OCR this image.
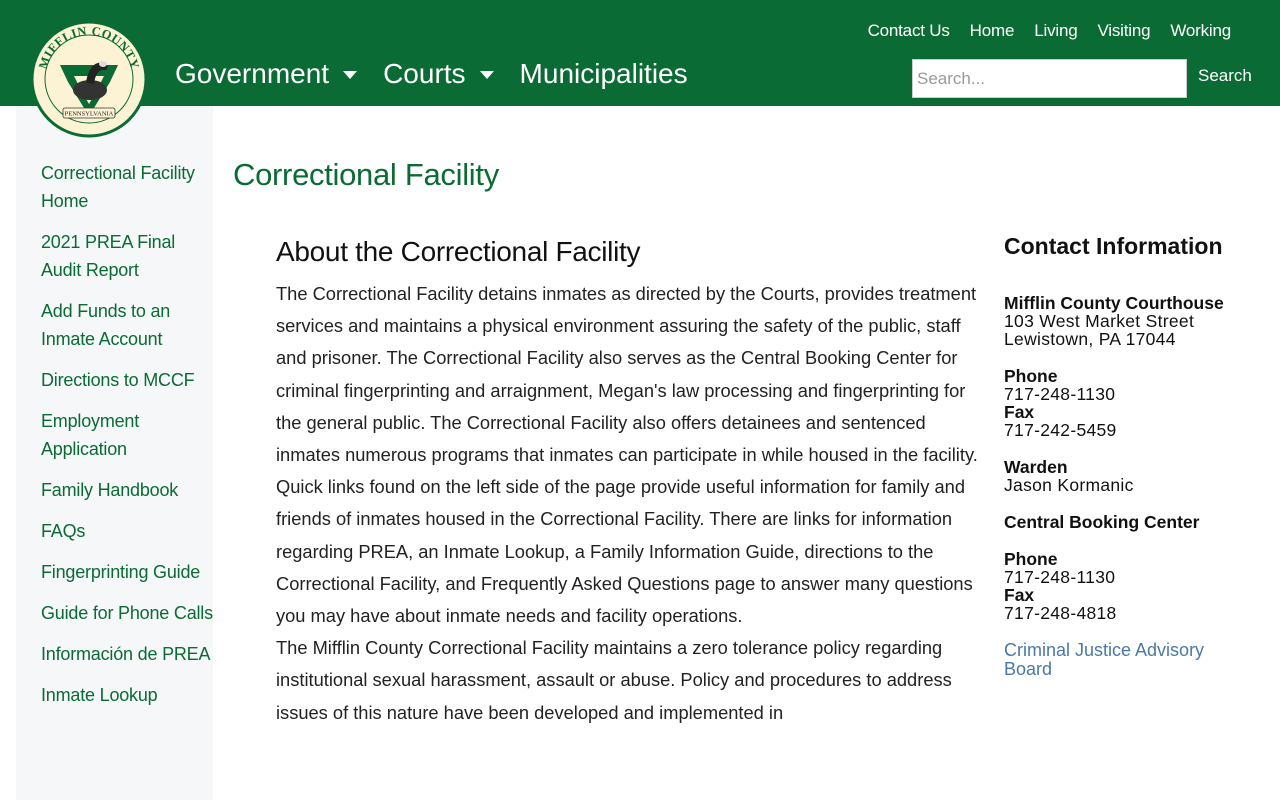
PENNSYLVANIA
MIFFLIN COUNTY
Contact Us Home Living Visiting Working
Government Courts Municipalities
Search...	Search
Correctional Facility Home
2021 PREA Final Audit Report
Add Funds to an Inmate Account
Directions to MCCF
Employment Application
Family Handbook
FAQs
Fingerprinting Guide
Guide for Phone Calls
Información de PREA
Inmate Lookup
Correctional Facility
About the Correctional Facility

The Correctional Facility detains inmates as directed by the Courts, provides treatment services and maintains a physical environment assuring the safety of the public, staff and prisoner. The Correctional Facility also serves as the Central Booking Center for criminal fingerprinting and arraignment, Megan's law processing and fingerprinting for the general public. The Correctional Facility also offers detainees and sentenced inmates numerous programs that inmates can participate in while housed in the facility.

Quick links found on the left side of the page provide useful information for family and friends of inmates housed in the Correctional Facility. There are links for information regarding PREA, an Inmate Lookup, a Family Information Guide, directions to the Correctional Facility, and Frequently Asked Questions page to answer many questions you may have about inmate needs and facility operations.

The Mifflin County Correctional Facility maintains a zero tolerance policy regarding institutional sexual harassment, assault or abuse. Policy and procedures to address issues of this nature have been developed and implemented in

Contact Information
Mifflin County Courthouse
103 West Market Street
Lewistown, PA 17044
Phone
717-248-1130
Fax
717-242-5459
Warden
Jason Kormanic
Central Booking Center
Phone
717-248-1130
Fax
717-248-4818
Criminal Justice Advisory Board
